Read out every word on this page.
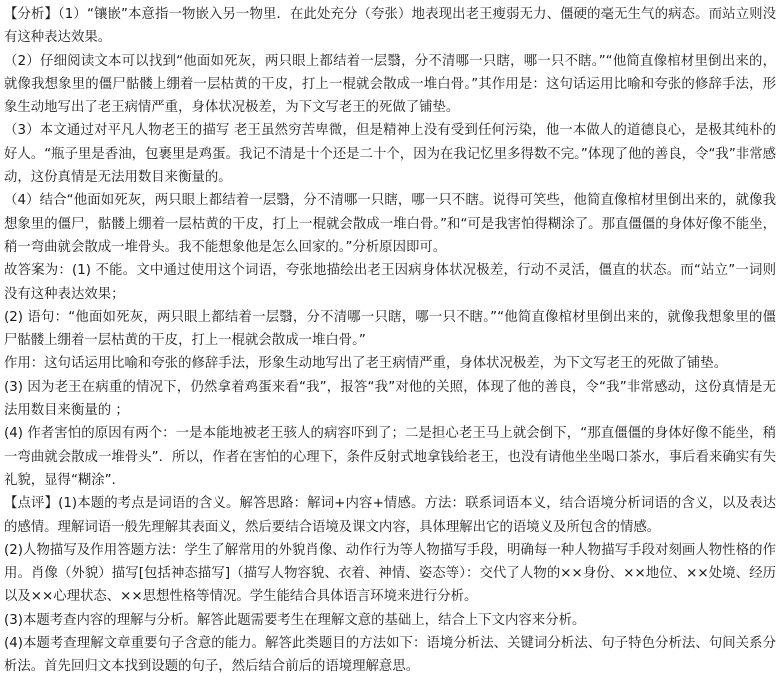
【分析】（1）“镶嵌”本意指一物嵌入另一物里．在此处充分（夸张）地表现出老王瘦弱无力、僵硬的毫无生气的病态。而站立则没有这种表达效果。

（2）仔细阅读文本可以找到“他面如死灰，两只眼上都结着一层翳，分不清哪一只瞎，哪一只不瞎。”“他简直像棺材里倒出来的，就像我想象里的僵尸骷髅上绷着一层枯黄的干皮，打上一棍就会散成一堆白骨。”其作用是：这句话运用比喻和夸张的修辞手法，形象生动地写出了老王病情严重，身体状况极差，为下文写老王的死做了铺垫。

（3）本文通过对平凡人物老王的描写 老王虽然穷苦卑微，但是精神上没有受到任何污染，他一本做人的道德良心，是极其纯朴的好人。“瓶子里是香油，包裹里是鸡蛋。我记不清是十个还是二十个，因为在我记忆里多得数不完。”体现了他的善良，令“我”非常感动，这份真情是无法用数目来衡量的。

（4）结合“他面如死灰，两只眼上都结着一层翳，分不清哪一只瞎，哪一只不瞎。说得可笑些，他简直像棺材里倒出来的，就像我想象里的僵尸，骷髅上绷着一层枯黄的干皮，打上一棍就会散成一堆白骨。”和“可是我害怕得糊涂了。那直僵僵的身体好像不能坐，稍一弯曲就会散成一堆骨头。我不能想象他是怎么回家的。”分析原因即可。

故答案为：(1) 不能。文中通过使用这个词语，夸张地描绘出老王因病身体状况极差，行动不灵活，僵直的状态。而“站立”一词则没有这种表达效果；

(2) 语句：“他面如死灰，两只眼上都结着一层翳，分不清哪一只瞎，哪一只不瞎。”“他简直像棺材里倒出来的，就像我想象里的僵尸骷髅上绷着一层枯黄的干皮，打上一棍就会散成一堆白骨。”

作用：这句话运用比喻和夸张的修辞手法，形象生动地写出了老王病情严重，身体状况极差，为下文写老王的死做了铺垫。

(3) 因为老王在病重的情况下，仍然拿着鸡蛋来看“我”，报答“我”对他的关照，体现了他的善良，令“我”非常感动，这份真情是无法用数目来衡量的 ；

(4) 作者害怕的原因有两个：一是本能地被老王骇人的病容吓到了；二是担心老王马上就会倒下，“那直僵僵的身体好像不能坐，稍一弯曲就会散成一堆骨头”．所以，作者在害怕的心理下，条件反射式地拿钱给老王，也没有请他坐坐喝口茶水，事后看来确实有失礼貌，显得“糊涂”．

【点评】(1)本题的考点是词语的含义。解答思路：解词+内容+情感。方法：联系词语本义，结合语境分析词语的含义，以及表达的感情。理解词语一般先理解其表面义，然后要结合语境及课文内容，具体理解出它的语境义及所包含的情感。

(2)人物描写及作用答题方法：学生了解常用的外貌肖像、动作行为等人物描写手段，明确每一种人物描写手段对刻画人物性格的作用。肖像（外貌）描写[包括神态描写]（描写人物容貌、衣着、神情、姿态等）：交代了人物的××身份、××地位、××处境、经历以及××心理状态、××思想性格等情况。学生能结合具体语言环境来进行分析。

(3)本题考查内容的理解与分析。解答此题需要考生在理解文意的基础上，结合上下文内容来分析。

(4)本题考查理解文章重要句子含意的能力。解答此类题目的方法如下：语境分析法、关键词分析法、句子特色分析法、句间关系分析法。首先回归文本找到设题的句子，然后结合前后的语境理解意思。
